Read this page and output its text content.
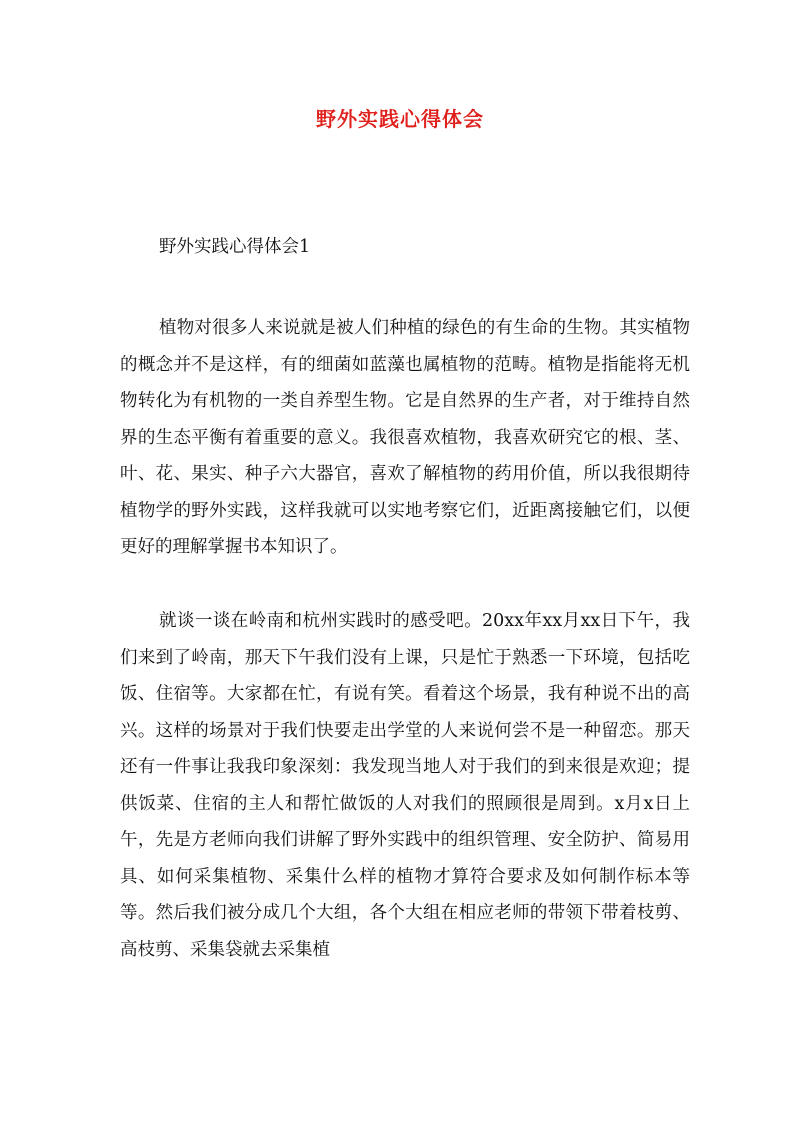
野外实践心得体会

野外实践心得体会1

植物对很多人来说就是被人们种植的绿色的有生命的生物。其实植物的概念并不是这样，有的细菌如蓝藻也属植物的范畴。植物是指能将无机物转化为有机物的一类自养型生物。它是自然界的生产者，对于维持自然界的生态平衡有着重要的意义。我很喜欢植物，我喜欢研究它的根、茎、叶、花、果实、种子六大器官，喜欢了解植物的药用价值，所以我很期待植物学的野外实践，这样我就可以实地考察它们，近距离接触它们，以便更好的理解掌握书本知识了。

就谈一谈在岭南和杭州实践时的感受吧。20xx年xx月xx日下午，我们来到了岭南，那天下午我们没有上课，只是忙于熟悉一下环境，包括吃饭、住宿等。大家都在忙，有说有笑。看着这个场景，我有种说不出的高兴。这样的场景对于我们快要走出学堂的人来说何尝不是一种留恋。那天还有一件事让我我印象深刻：我发现当地人对于我们的到来很是欢迎；提供饭菜、住宿的主人和帮忙做饭的人对我们的照顾很是周到。x月x日上午，先是方老师向我们讲解了野外实践中的组织管理、安全防护、简易用具、如何采集植物、采集什么样的植物才算符合要求及如何制作标本等等。然后我们被分成几个大组，各个大组在相应老师的带领下带着枝剪、高枝剪、采集袋就去采集植
